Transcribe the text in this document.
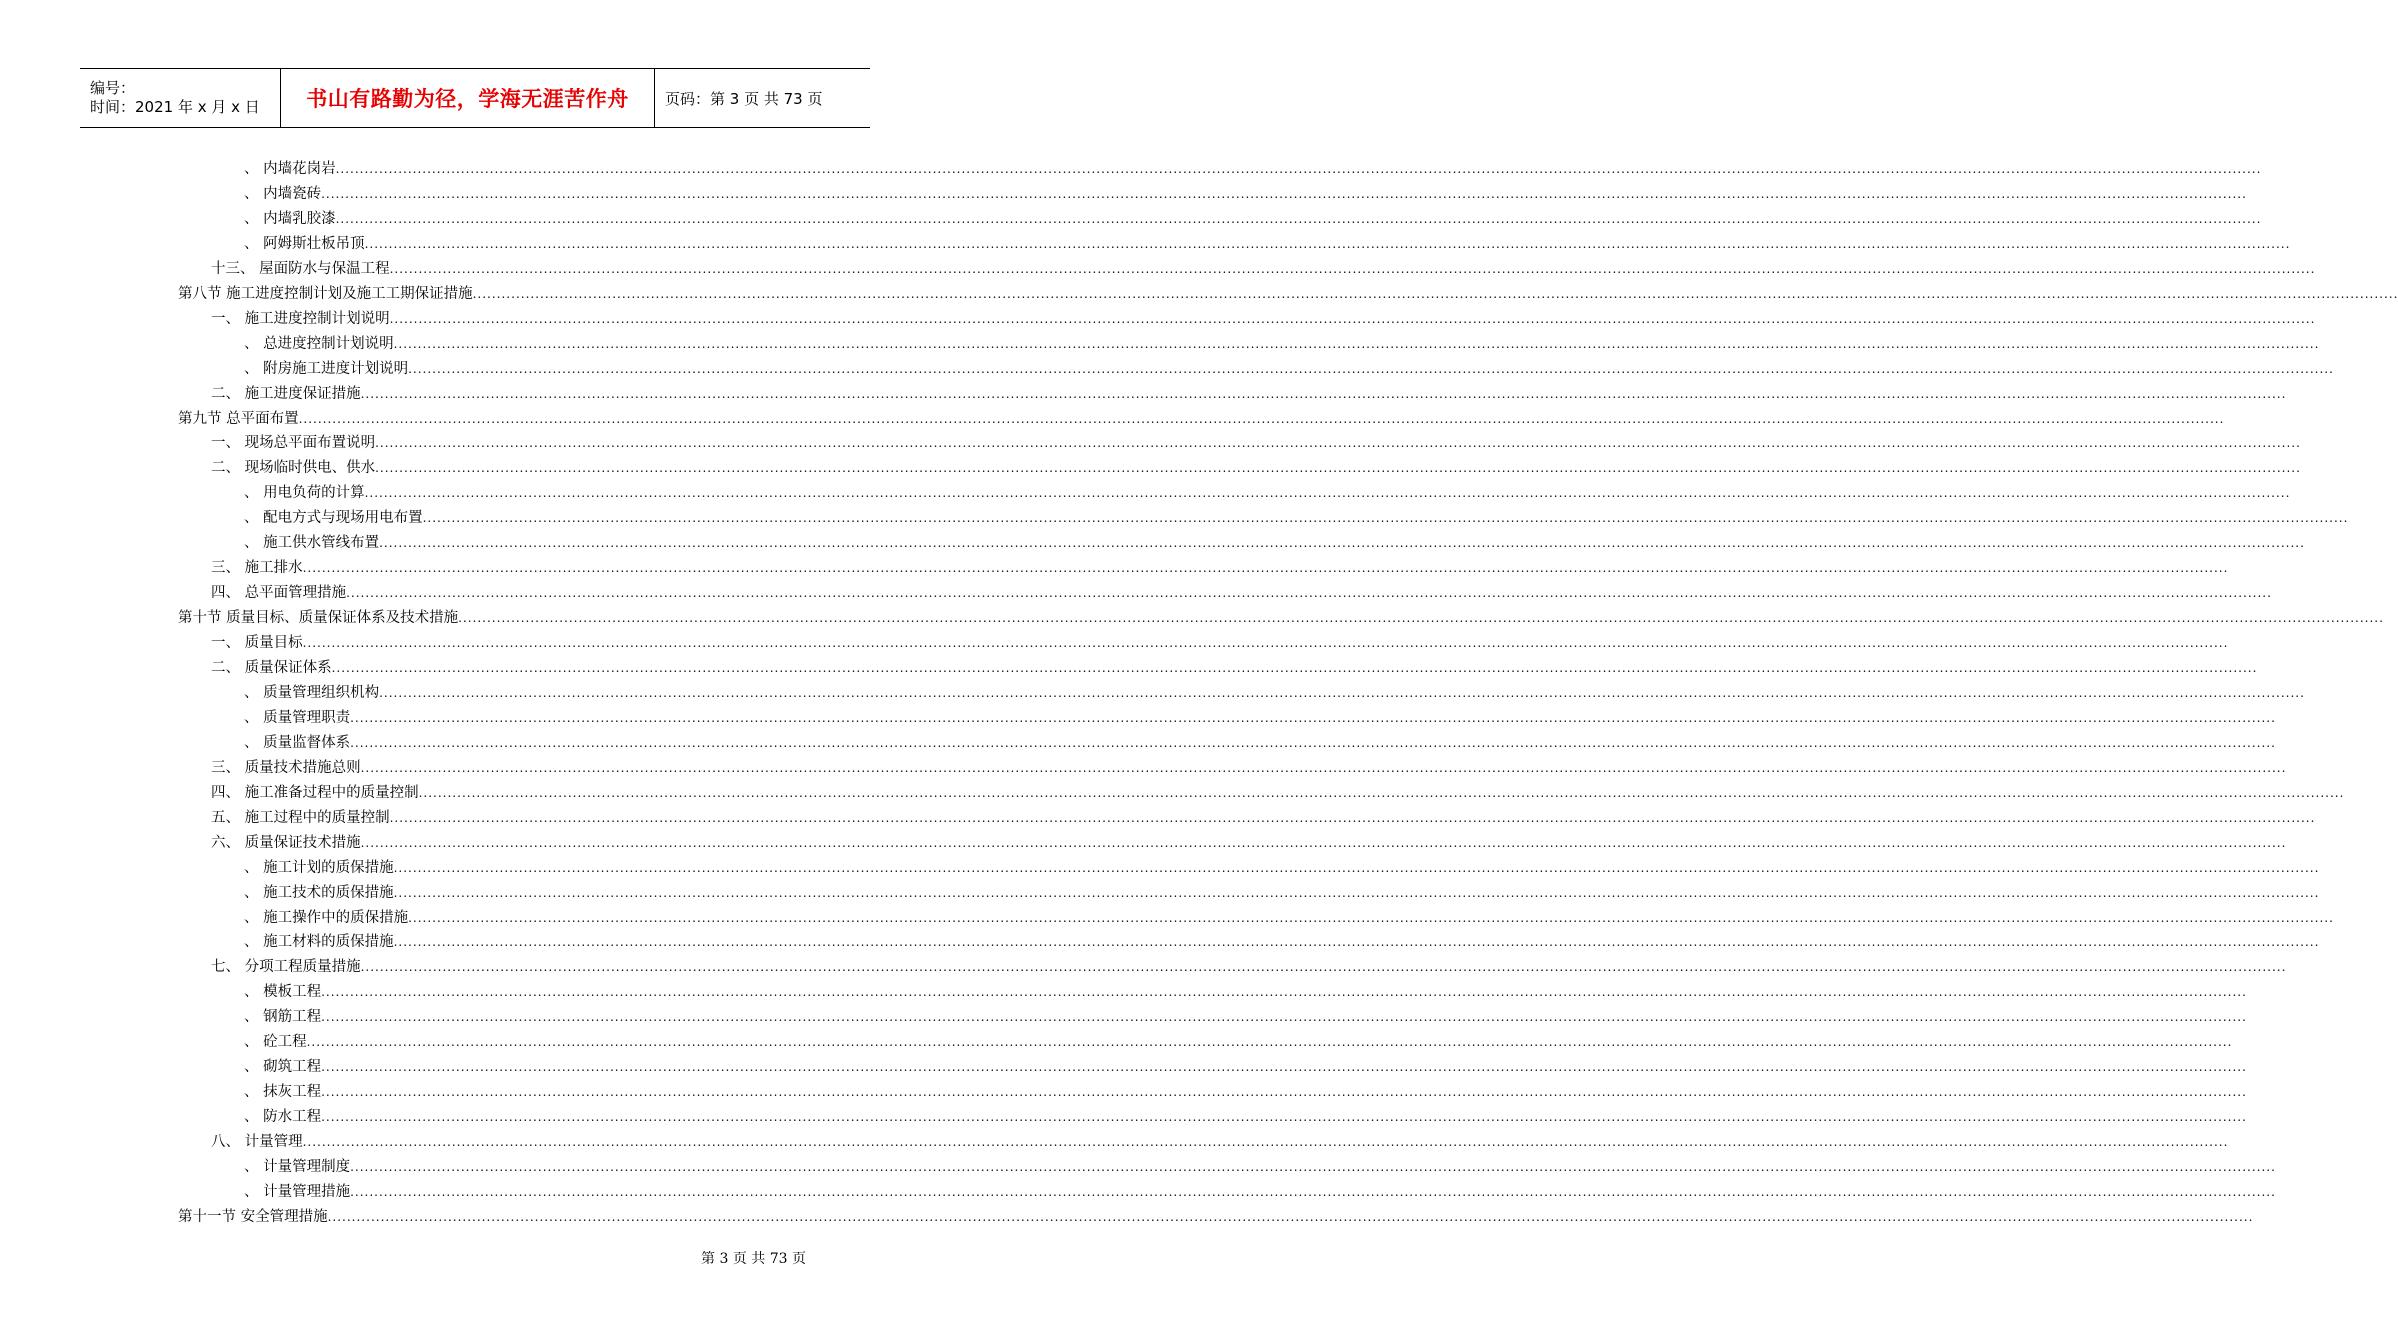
编号：
时间：2021 年 x 月 x 日	书山有路勤为径，学海无涯苦作舟 页码：第 3 页 共 73 页
、 内墙花岗岩 ................................................................................................................................................................................................................................................................................................................................................................................................................
、 内墙瓷砖 ................................................................................................................................................................................................................................................................................................................................................................................................................
、 内墙乳胶漆 ................................................................................................................................................................................................................................................................................................................................................................................................................
、 阿姆斯壮板吊顶 ................................................................................................................................................................................................................................................................................................................................................................................................................
十三、 屋面防水与保温工程 ................................................................................................................................................................................................................................................................................................................................................................................................................
第八节 施工进度控制计划及施工工期保证措施 ................................................................................................................................................................................................................................................................................................................................................................................................................
一、 施工进度控制计划说明 ................................................................................................................................................................................................................................................................................................................................................................................................................
、 总进度控制计划说明 ................................................................................................................................................................................................................................................................................................................................................................................................................
、 附房施工进度计划说明 ................................................................................................................................................................................................................................................................................................................................................................................................................
二、 施工进度保证措施 ................................................................................................................................................................................................................................................................................................................................................................................................................
第九节 总平面布置 ................................................................................................................................................................................................................................................................................................................................................................................................................
一、 现场总平面布置说明 ................................................................................................................................................................................................................................................................................................................................................................................................................
二、 现场临时供电、供水 ................................................................................................................................................................................................................................................................................................................................................................................................................
、 用电负荷的计算 ................................................................................................................................................................................................................................................................................................................................................................................................................
、 配电方式与现场用电布置 ................................................................................................................................................................................................................................................................................................................................................................................................................
、 施工供水管线布置 ................................................................................................................................................................................................................................................................................................................................................................................................................
三、 施工排水 ................................................................................................................................................................................................................................................................................................................................................................................................................
四、 总平面管理措施 ................................................................................................................................................................................................................................................................................................................................................................................................................
第十节 质量目标、质量保证体系及技术措施 ................................................................................................................................................................................................................................................................................................................................................................................................................
一、 质量目标 ................................................................................................................................................................................................................................................................................................................................................................................................................
二、 质量保证体系 ................................................................................................................................................................................................................................................................................................................................................................................................................
、 质量管理组织机构 ................................................................................................................................................................................................................................................................................................................................................................................................................
、 质量管理职责 ................................................................................................................................................................................................................................................................................................................................................................................................................
、 质量监督体系 ................................................................................................................................................................................................................................................................................................................................................................................................................
三、 质量技术措施总则 ................................................................................................................................................................................................................................................................................................................................................................................................................
四、 施工准备过程中的质量控制 ................................................................................................................................................................................................................................................................................................................................................................................................................
五、 施工过程中的质量控制 ................................................................................................................................................................................................................................................................................................................................................................................................................
六、 质量保证技术措施 ................................................................................................................................................................................................................................................................................................................................................................................................................
、 施工计划的质保措施 ................................................................................................................................................................................................................................................................................................................................................................................................................
、 施工技术的质保措施 ................................................................................................................................................................................................................................................................................................................................................................................................................
、 施工操作中的质保措施 ................................................................................................................................................................................................................................................................................................................................................................................................................
、 施工材料的质保措施 ................................................................................................................................................................................................................................................................................................................................................................................................................
七、 分项工程质量措施 ................................................................................................................................................................................................................................................................................................................................................................................................................
、 模板工程 ................................................................................................................................................................................................................................................................................................................................................................................................................
、 钢筋工程 ................................................................................................................................................................................................................................................................................................................................................................................................................
、 砼工程 ................................................................................................................................................................................................................................................................................................................................................................................................................
、 砌筑工程 ................................................................................................................................................................................................................................................................................................................................................................................................................
、 抹灰工程 ................................................................................................................................................................................................................................................................................................................................................................................................................
、 防水工程 ................................................................................................................................................................................................................................................................................................................................................................................................................
八、 计量管理 ................................................................................................................................................................................................................................................................................................................................................................................................................
、 计量管理制度 ................................................................................................................................................................................................................................................................................................................................................................................................................
、 计量管理措施 ................................................................................................................................................................................................................................................................................................................................................................................................................
第十一节 安全管理措施 ................................................................................................................................................................................................................................................................................................................................................................................................................
第 3 页 共 73 页
